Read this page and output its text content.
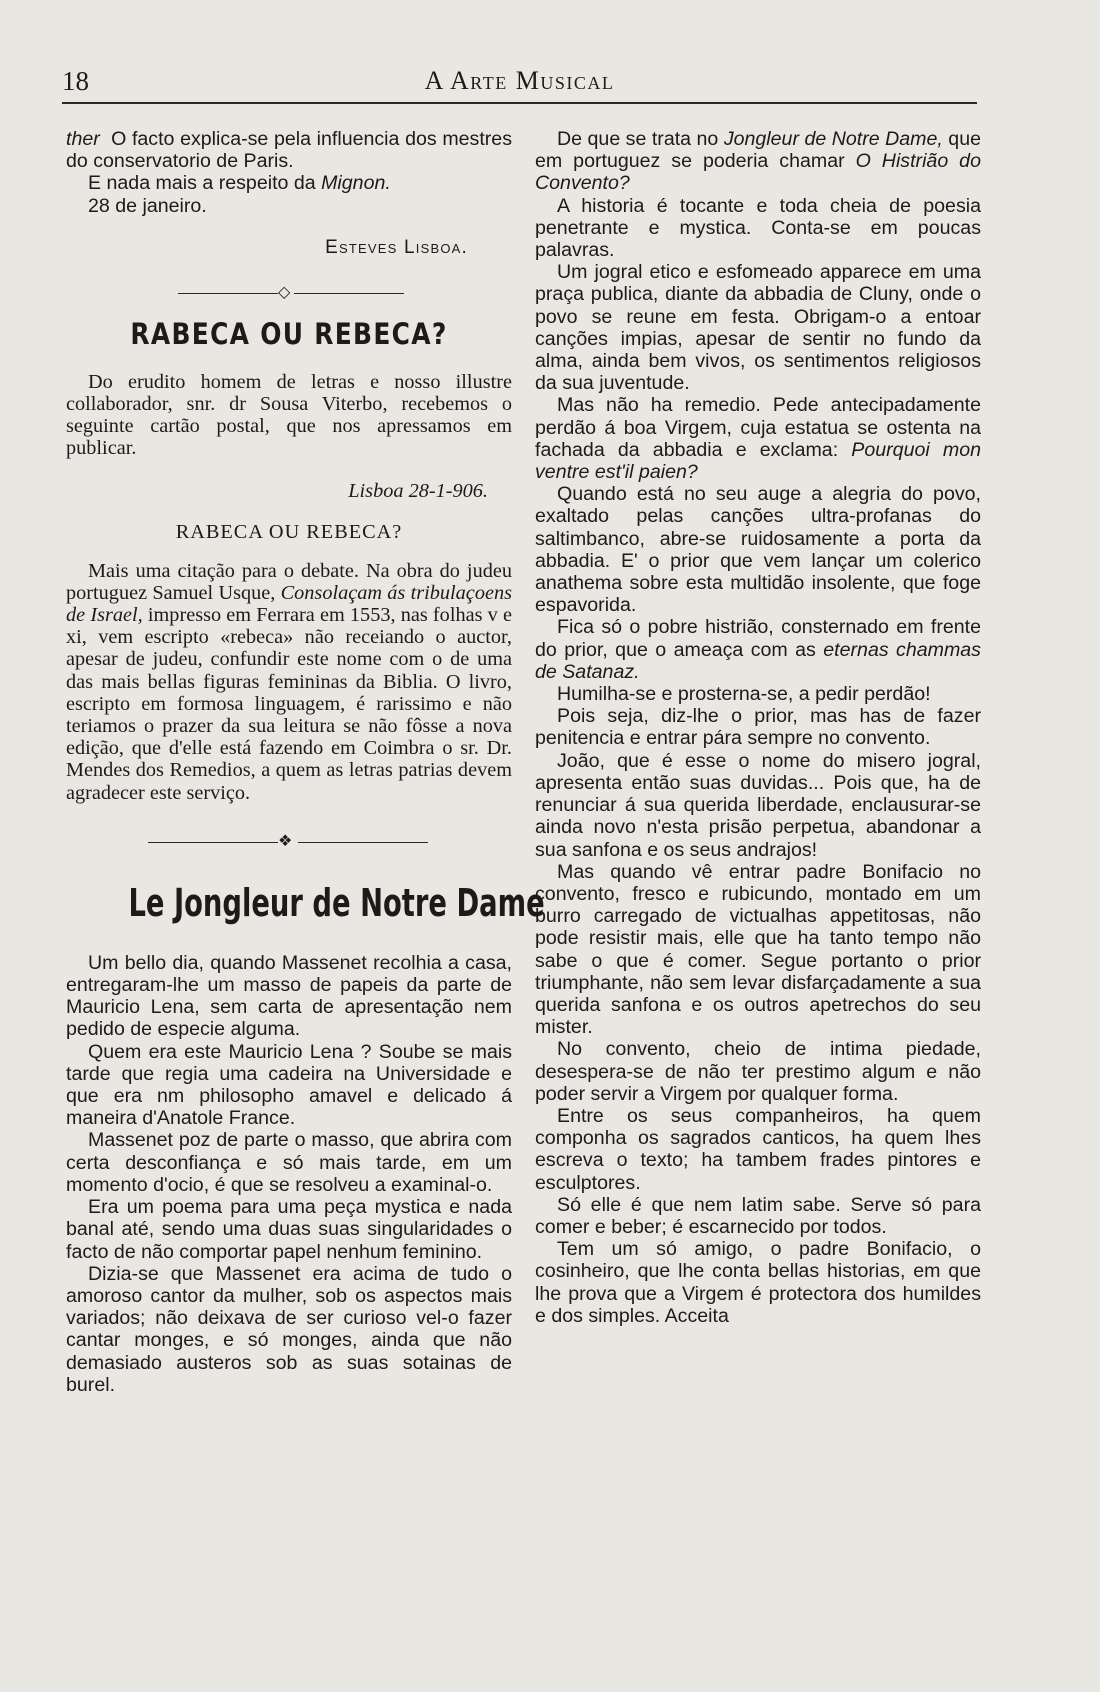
18	A Arte Musical

ther O facto explica-se pela influencia dos mestres do conservatorio de Paris.

E nada mais a respeito da Mignon.

28 de janeiro.

Esteves Lisboa.
◇
RABECA OU REBECA?

Do erudito homem de letras e nosso illustre collaborador, snr. dr Sousa Viterbo, recebemos o seguinte cartão postal, que nos apressamos em publicar.

Lisboa 28-1-906.
RABECA OU REBECA?

Mais uma citação para o debate. Na obra do judeu portuguez Samuel Usque, Consolaçam ás tribulaçoens de Israel, impresso em Ferrara em 1553, nas folhas v e xi, vem escripto «rebeca» não receiando o auctor, apesar de judeu, confundir este nome com o de uma das mais bellas figuras femininas da Biblia. O livro, escripto em formosa linguagem, é rarissimo e não teriamos o prazer da sua leitura se não fôsse a nova edição, que d'elle está fazendo em Coimbra o sr. Dr. Mendes dos Remedios, a quem as letras patrias devem agradecer este serviço.

❖
Le Jongleur de Notre Dame

Um bello dia, quando Massenet recolhia a casa, entregaram-lhe um masso de papeis da parte de Mauricio Lena, sem carta de apresentação nem pedido de especie alguma.

Quem era este Mauricio Lena ? Soube se mais tarde que regia uma cadeira na Universidade e que era nm philosopho amavel e delicado á maneira d'Anatole France.

Massenet poz de parte o masso, que abrira com certa desconfiança e só mais tarde, em um momento d'ocio, é que se resolveu a examinal-o.

Era um poema para uma peça mystica e nada banal até, sendo uma duas suas singularidades o facto de não comportar papel nenhum feminino.

Dizia-se que Massenet era acima de tudo o amoroso cantor da mulher, sob os aspectos mais variados; não deixava de ser curioso vel-o fazer cantar monges, e só monges, ainda que não demasiado austeros sob as suas sotainas de burel.

De que se trata no Jongleur de Notre Dame, que em portuguez se poderia chamar O Histrião do Convento?

A historia é tocante e toda cheia de poesia penetrante e mystica. Conta-se em poucas palavras.

Um jogral etico e esfomeado apparece em uma praça publica, diante da abbadia de Cluny, onde o povo se reune em festa. Obrigam-o a entoar canções impias, apesar de sentir no fundo da alma, ainda bem vivos, os sentimentos religiosos da sua juventude.

Mas não ha remedio. Pede antecipadamente perdão á boa Virgem, cuja estatua se ostenta na fachada da abbadia e exclama: Pourquoi mon ventre est'il paien?

Quando está no seu auge a alegria do povo, exaltado pelas canções ultra-profanas do saltimbanco, abre-se ruidosamente a porta da abbadia. E' o prior que vem lançar um colerico anathema sobre esta multidão insolente, que foge espavorida.

Fica só o pobre histrião, consternado em frente do prior, que o ameaça com as eternas chammas de Satanaz.

Humilha-se e prosterna-se, a pedir perdão!

Pois seja, diz-lhe o prior, mas has de fazer penitencia e entrar pára sempre no convento.

João, que é esse o nome do misero jogral, apresenta então suas duvidas... Pois que, ha de renunciar á sua querida liberdade, enclausurar-se ainda novo n'esta prisão perpetua, abandonar a sua sanfona e os seus andrajos!

Mas quando vê entrar padre Bonifacio no convento, fresco e rubicundo, montado em um burro carregado de victualhas appetitosas, não pode resistir mais, elle que ha tanto tempo não sabe o que é comer. Segue portanto o prior triumphante, não sem levar disfarçadamente a sua querida sanfona e os outros apetrechos do seu mister.

No convento, cheio de intima piedade, desespera-se de não ter prestimo algum e não poder servir a Virgem por qualquer forma.

Entre os seus companheiros, ha quem componha os sagrados canticos, ha quem lhes escreva o texto; ha tambem frades pintores e esculptores.

Só elle é que nem latim sabe. Serve só para comer e beber; é escarnecido por todos.

Tem um só amigo, o padre Bonifacio, o cosinheiro, que lhe conta bellas historias, em que lhe prova que a Virgem é protectora dos humildes e dos simples. Acceita
